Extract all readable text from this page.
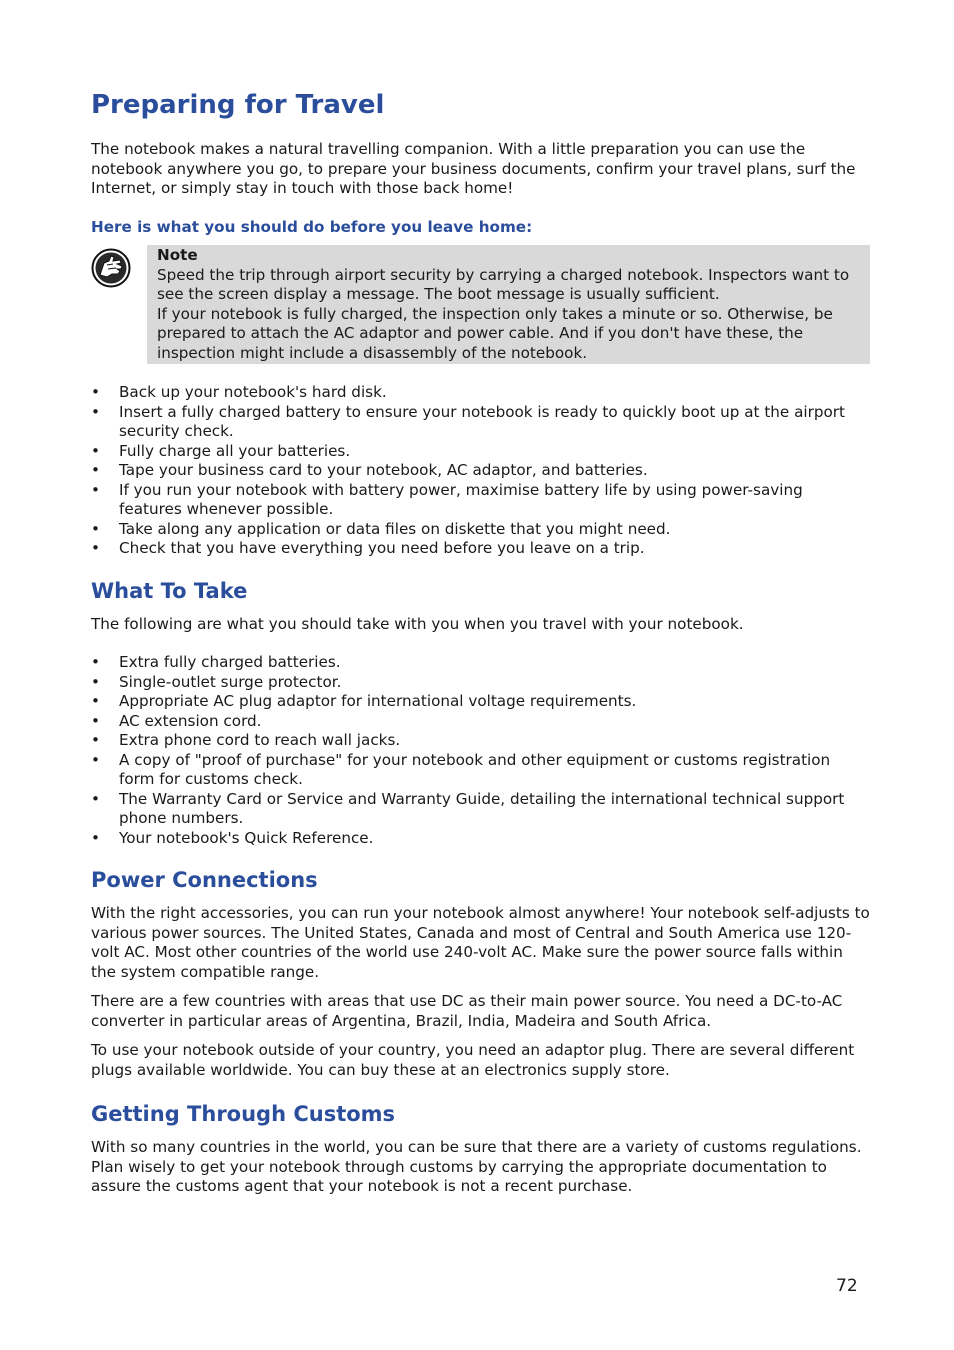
Preparing for Travel

The notebook makes a natural travelling companion. With a little preparation you can use the notebook anywhere you go, to prepare your business documents, confirm your travel plans, surf the Internet, or simply stay in touch with those back home!

Here is what you should do before you leave home:
Note
Speed the trip through airport security by carrying a charged notebook. Inspectors want to see the screen display a message. The boot message is usually sufficient.
If your notebook is fully charged, the inspection only takes a minute or so. Otherwise, be prepared to attach the AC adaptor and power cable. And if you don't have these, the inspection might include a disassembly of the notebook.
• Back up your notebook's hard disk.
• Insert a fully charged battery to ensure your notebook is ready to quickly boot up at the airport security check.
• Fully charge all your batteries.
• Tape your business card to your notebook, AC adaptor, and batteries.
• If you run your notebook with battery power, maximise battery life by using power-saving features whenever possible.
• Take along any application or data files on diskette that you might need.
• Check that you have everything you need before you leave on a trip.
What To Take

The following are what you should take with you when you travel with your notebook.

• Extra fully charged batteries.
• Single-outlet surge protector.
• Appropriate AC plug adaptor for international voltage requirements.
• AC extension cord.
• Extra phone cord to reach wall jacks.
• A copy of "proof of purchase" for your notebook and other equipment or customs registration form for customs check.
• The Warranty Card or Service and Warranty Guide, detailing the international technical support phone numbers.
• Your notebook's Quick Reference.
Power Connections

With the right accessories, you can run your notebook almost anywhere! Your notebook self-adjusts to various power sources. The United States, Canada and most of Central and South America use 120-volt AC. Most other countries of the world use 240-volt AC. Make sure the power source falls within the system compatible range.

There are a few countries with areas that use DC as their main power source. You need a DC-to-AC converter in particular areas of Argentina, Brazil, India, Madeira and South Africa.

To use your notebook outside of your country, you need an adaptor plug. There are several different plugs available worldwide. You can buy these at an electronics supply store.

Getting Through Customs

With so many countries in the world, you can be sure that there are a variety of customs regulations. Plan wisely to get your notebook through customs by carrying the appropriate documentation to assure the customs agent that your notebook is not a recent purchase.

72
